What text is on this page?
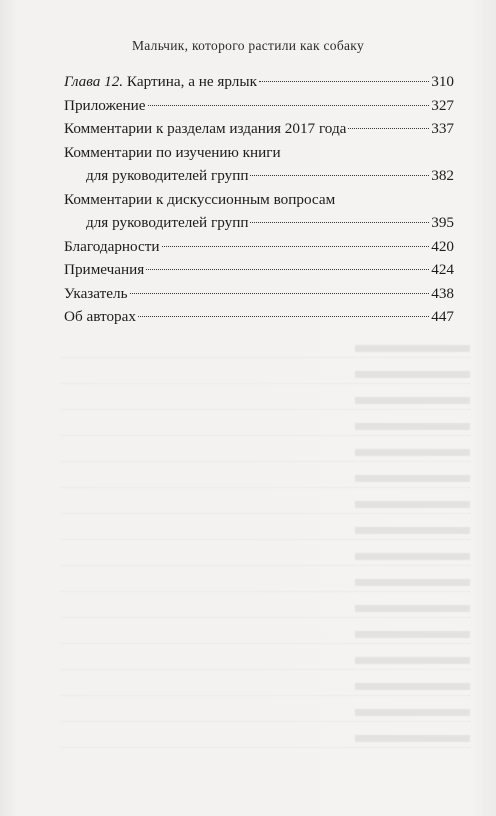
Мальчик, которого растили как собаку
Глава 12. Картина, а не ярлык	310
Приложение	327
Комментарии к разделам издания 2017 года	337
Комментарии по изучению книги
для руководителей групп	382
Комментарии к дискуссионным вопросам
для руководителей групп	395
Благодарности	420
Примечания	424
Указатель	438
Об авторах	447
